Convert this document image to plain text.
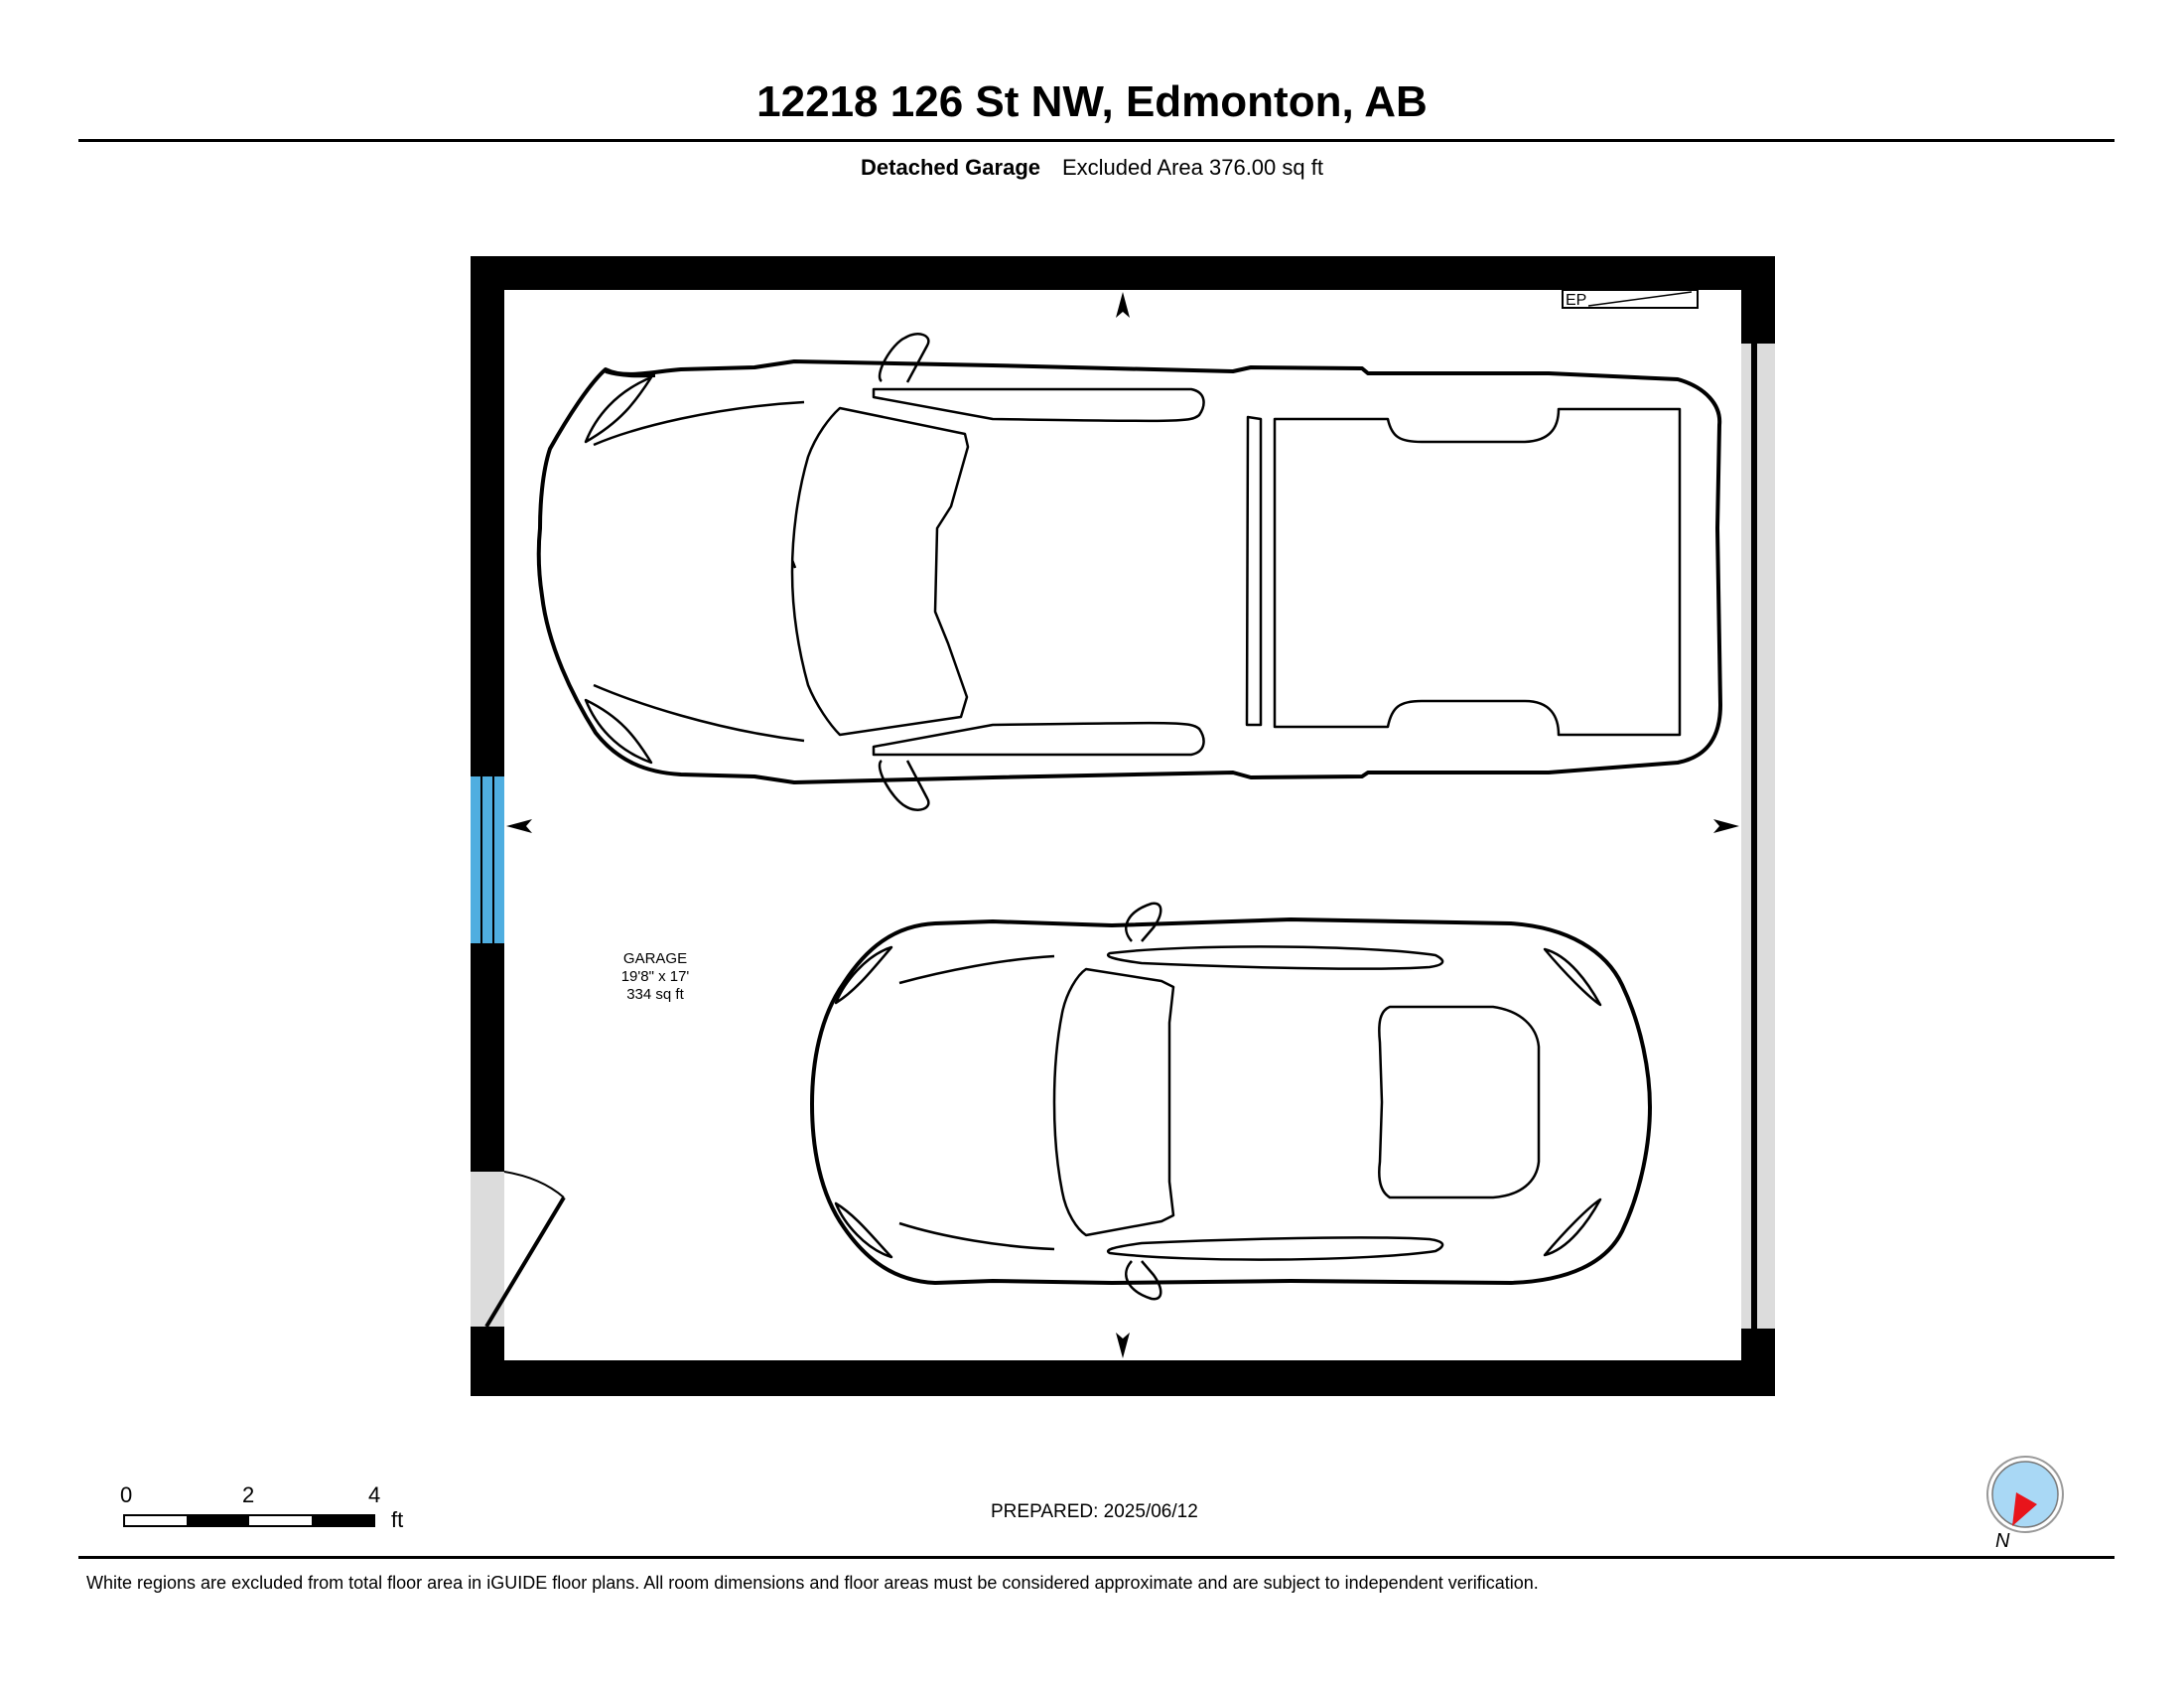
12218 126 St NW, Edmonton, AB
Detached Garage Excluded Area 376.00 sq ft
EP
GARAGE
19'8" x 17'
334 sq ft
0	2	4
ft
N
PREPARED: 2025/06/12
White regions are excluded from total floor area in iGUIDE floor plans. All room dimensions and floor areas must be considered approximate and are subject to independent verification.
